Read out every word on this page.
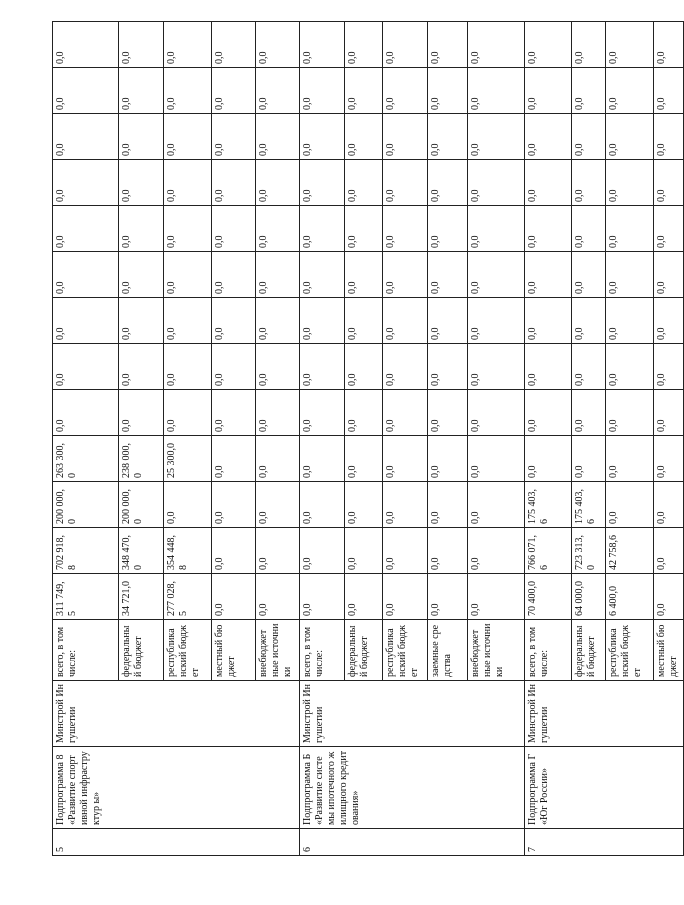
5	Подпрограмма 8 «Развитие спортивной инфраструктур ы»	Минстрой Ингушетии	всего, в том числе:	311 749,5	702 918,8	200 000,0	263 300,0	0,0	0,0	0,0	0,0	0,0	0,0	0,0	0,0	0,0
			федеральны й бюджет	34 721,0	348 470,0	200 000,0	238 000,0	0,0	0,0	0,0	0,0	0,0	0,0	0,0	0,0	0,0
			республика нский бюджет	277 028,5	354 448,8	0,0	25 300,0	0,0	0,0	0,0	0,0	0,0	0,0	0,0	0,0	0,0
			местный бюджет	0,0	0,0	0,0	0,0	0,0	0,0	0,0	0,0	0,0	0,0	0,0	0,0	0,0
			внебюджет ные источники	0,0	0,0	0,0	0,0	0,0	0,0	0,0	0,0	0,0	0,0	0,0	0,0	0,0
6	Подпрограмма Б «Развитие системы ипотечного жилищного кредитования»	Минстрой Ингушетии	всего, в том числе:	0,0	0,0	0,0	0,0	0,0	0,0	0,0	0,0	0,0	0,0	0,0	0,0	0,0
			федеральны й бюджет	0,0	0,0	0,0	0,0	0,0	0,0	0,0	0,0	0,0	0,0	0,0	0,0	0,0
			республика нский бюджет	0,0	0,0	0,0	0,0	0,0	0,0	0,0	0,0	0,0	0,0	0,0	0,0	0,0
			заемные средства	0,0	0,0	0,0	0,0	0,0	0,0	0,0	0,0	0,0	0,0	0,0	0,0	0,0
			внебюджет ные источники	0,0	0,0	0,0	0,0	0,0	0,0	0,0	0,0	0,0	0,0	0,0	0,0	0,0
7	Подпрограмма Г «Юг России»	Минстрой Ингушетии	всего, в том числе:	70 400,0	766 071,6	175 403,6	0,0	0,0	0,0	0,0	0,0	0,0	0,0	0,0	0,0	0,0
			федеральны й бюджет	64 000,0	723 313,0	175 403,6	0,0	0,0	0,0	0,0	0,0	0,0	0,0	0,0	0,0	0,0
			республика нский бюджет	6 400,0	42 758,6	0,0	0,0	0,0	0,0	0,0	0,0	0,0	0,0	0,0	0,0	0,0
			местный бюджет	0,0	0,0	0,0	0,0	0,0	0,0	0,0	0,0	0,0	0,0	0,0	0,0	0,0
